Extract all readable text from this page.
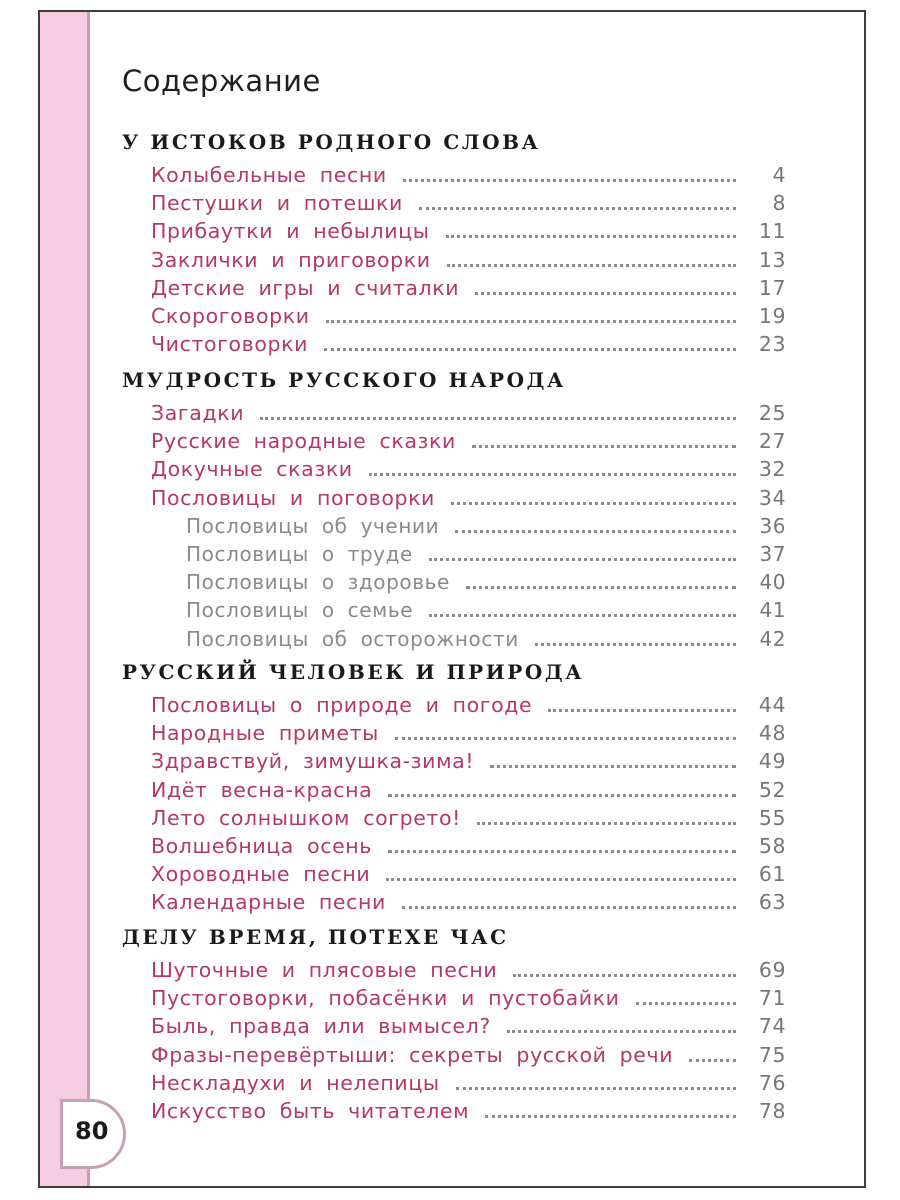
80
Содержание
У ИСТОКОВ РОДНОГО СЛОВА
Колыбельные песни	4
Пестушки и потешки	8
Прибаутки и небылицы	11
Заклички и приговорки	13
Детские игры и считалки	17
Скороговорки	19
Чистоговорки	23
МУДРОСТЬ РУССКОГО НАРОДА
Загадки	25
Русские народные сказки	27
Докучные сказки	32
Пословицы и поговорки	34
Пословицы об учении	36
Пословицы о труде	37
Пословицы о здоровье	40
Пословицы о семье	41
Пословицы об осторожности	42
РУССКИЙ ЧЕЛОВЕК И ПРИРОДА
Пословицы о природе и погоде	44
Народные приметы	48
Здравствуй, зимушка-зима!	49
Идёт весна-красна	52
Лето солнышком согрето!	55
Волшебница осень	58
Хороводные песни	61
Календарные песни	63
ДЕЛУ ВРЕМЯ, ПОТЕХЕ ЧАС
Шуточные и плясовые песни	69
Пустоговорки, побасёнки и пустобайки	71
Быль, правда или вымысел?	74
Фразы-перевёртыши: секреты русской речи	75
Нескладухи и нелепицы	76
Искусство быть читателем	78
